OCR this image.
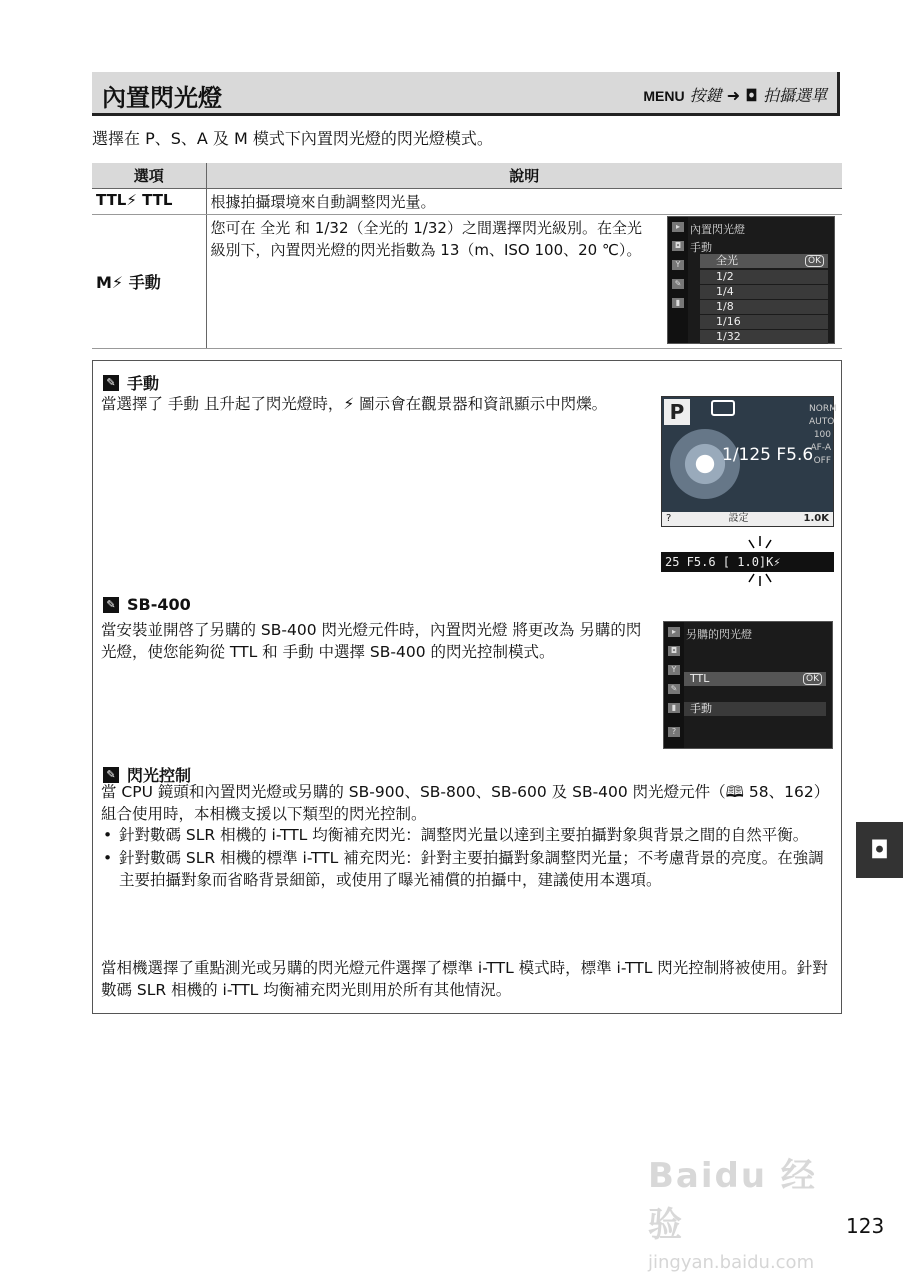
內置閃光燈	MENU 按鍵 ➜ ◘ 拍攝選單
選擇在 P、S、A 及 M 模式下內置閃光燈的閃光燈模式。
選項	說明
TTL⚡ TTL	根據拍攝環境來自動調整閃光量。
M⚡ 手動	您可在 全光 和 1/32（全光的 1/32）之間選擇閃光級別。在全光級別下，內置閃光燈的閃光指數為 13（m、ISO 100、20 ℃）。
▸
◘
Y
✎
▮
內置閃光燈
手動
全光	OK
1/2
1/4
1/8
1/16
1/32
✎ 手動
當選擇了 手動 且升起了閃光燈時，⚡ 圖示會在觀景器和資訊顯示中閃爍。
✎ SB-400
當安裝並開啓了另購的 SB-400 閃光燈元件時，內置閃光燈 將更改為 另購的閃光燈，使您能夠從 TTL 和 手動 中選擇 SB-400 的閃光控制模式。
✎ 閃光控制
當 CPU 鏡頭和內置閃光燈或另購的 SB-900、SB-800、SB-600 及 SB-400 閃光燈元件（🕮 58、162）組合使用時，本相機支援以下類型的閃光控制。
• 針對數碼 SLR 相機的 i-TTL 均衡補充閃光：調整閃光量以達到主要拍攝對象與背景之間的自然平衡。
• 針對數碼 SLR 相機的標準 i-TTL 補充閃光：針對主要拍攝對象調整閃光量；不考慮背景的亮度。在強調主要拍攝對象而省略背景細節，或使用了曝光補償的拍攝中，建議使用本選項。
當相機選擇了重點測光或另購的閃光燈元件選擇了標準 i-TTL 模式時，標準 i-TTL 閃光控制將被使用。針對數碼 SLR 相機的 i-TTL 均衡補充閃光則用於所有其他情況。
P
1/125 F5.6
NORM
AUTO
100
AF-A
OFF
?	設定	1.0K
25 F5.6 [ 1.0]K⚡
▸
◘
Y
✎
▮
?
另購的閃光燈
TTL	OK
手動
◘
Baidu 经验
jingyan.baidu.com
123
